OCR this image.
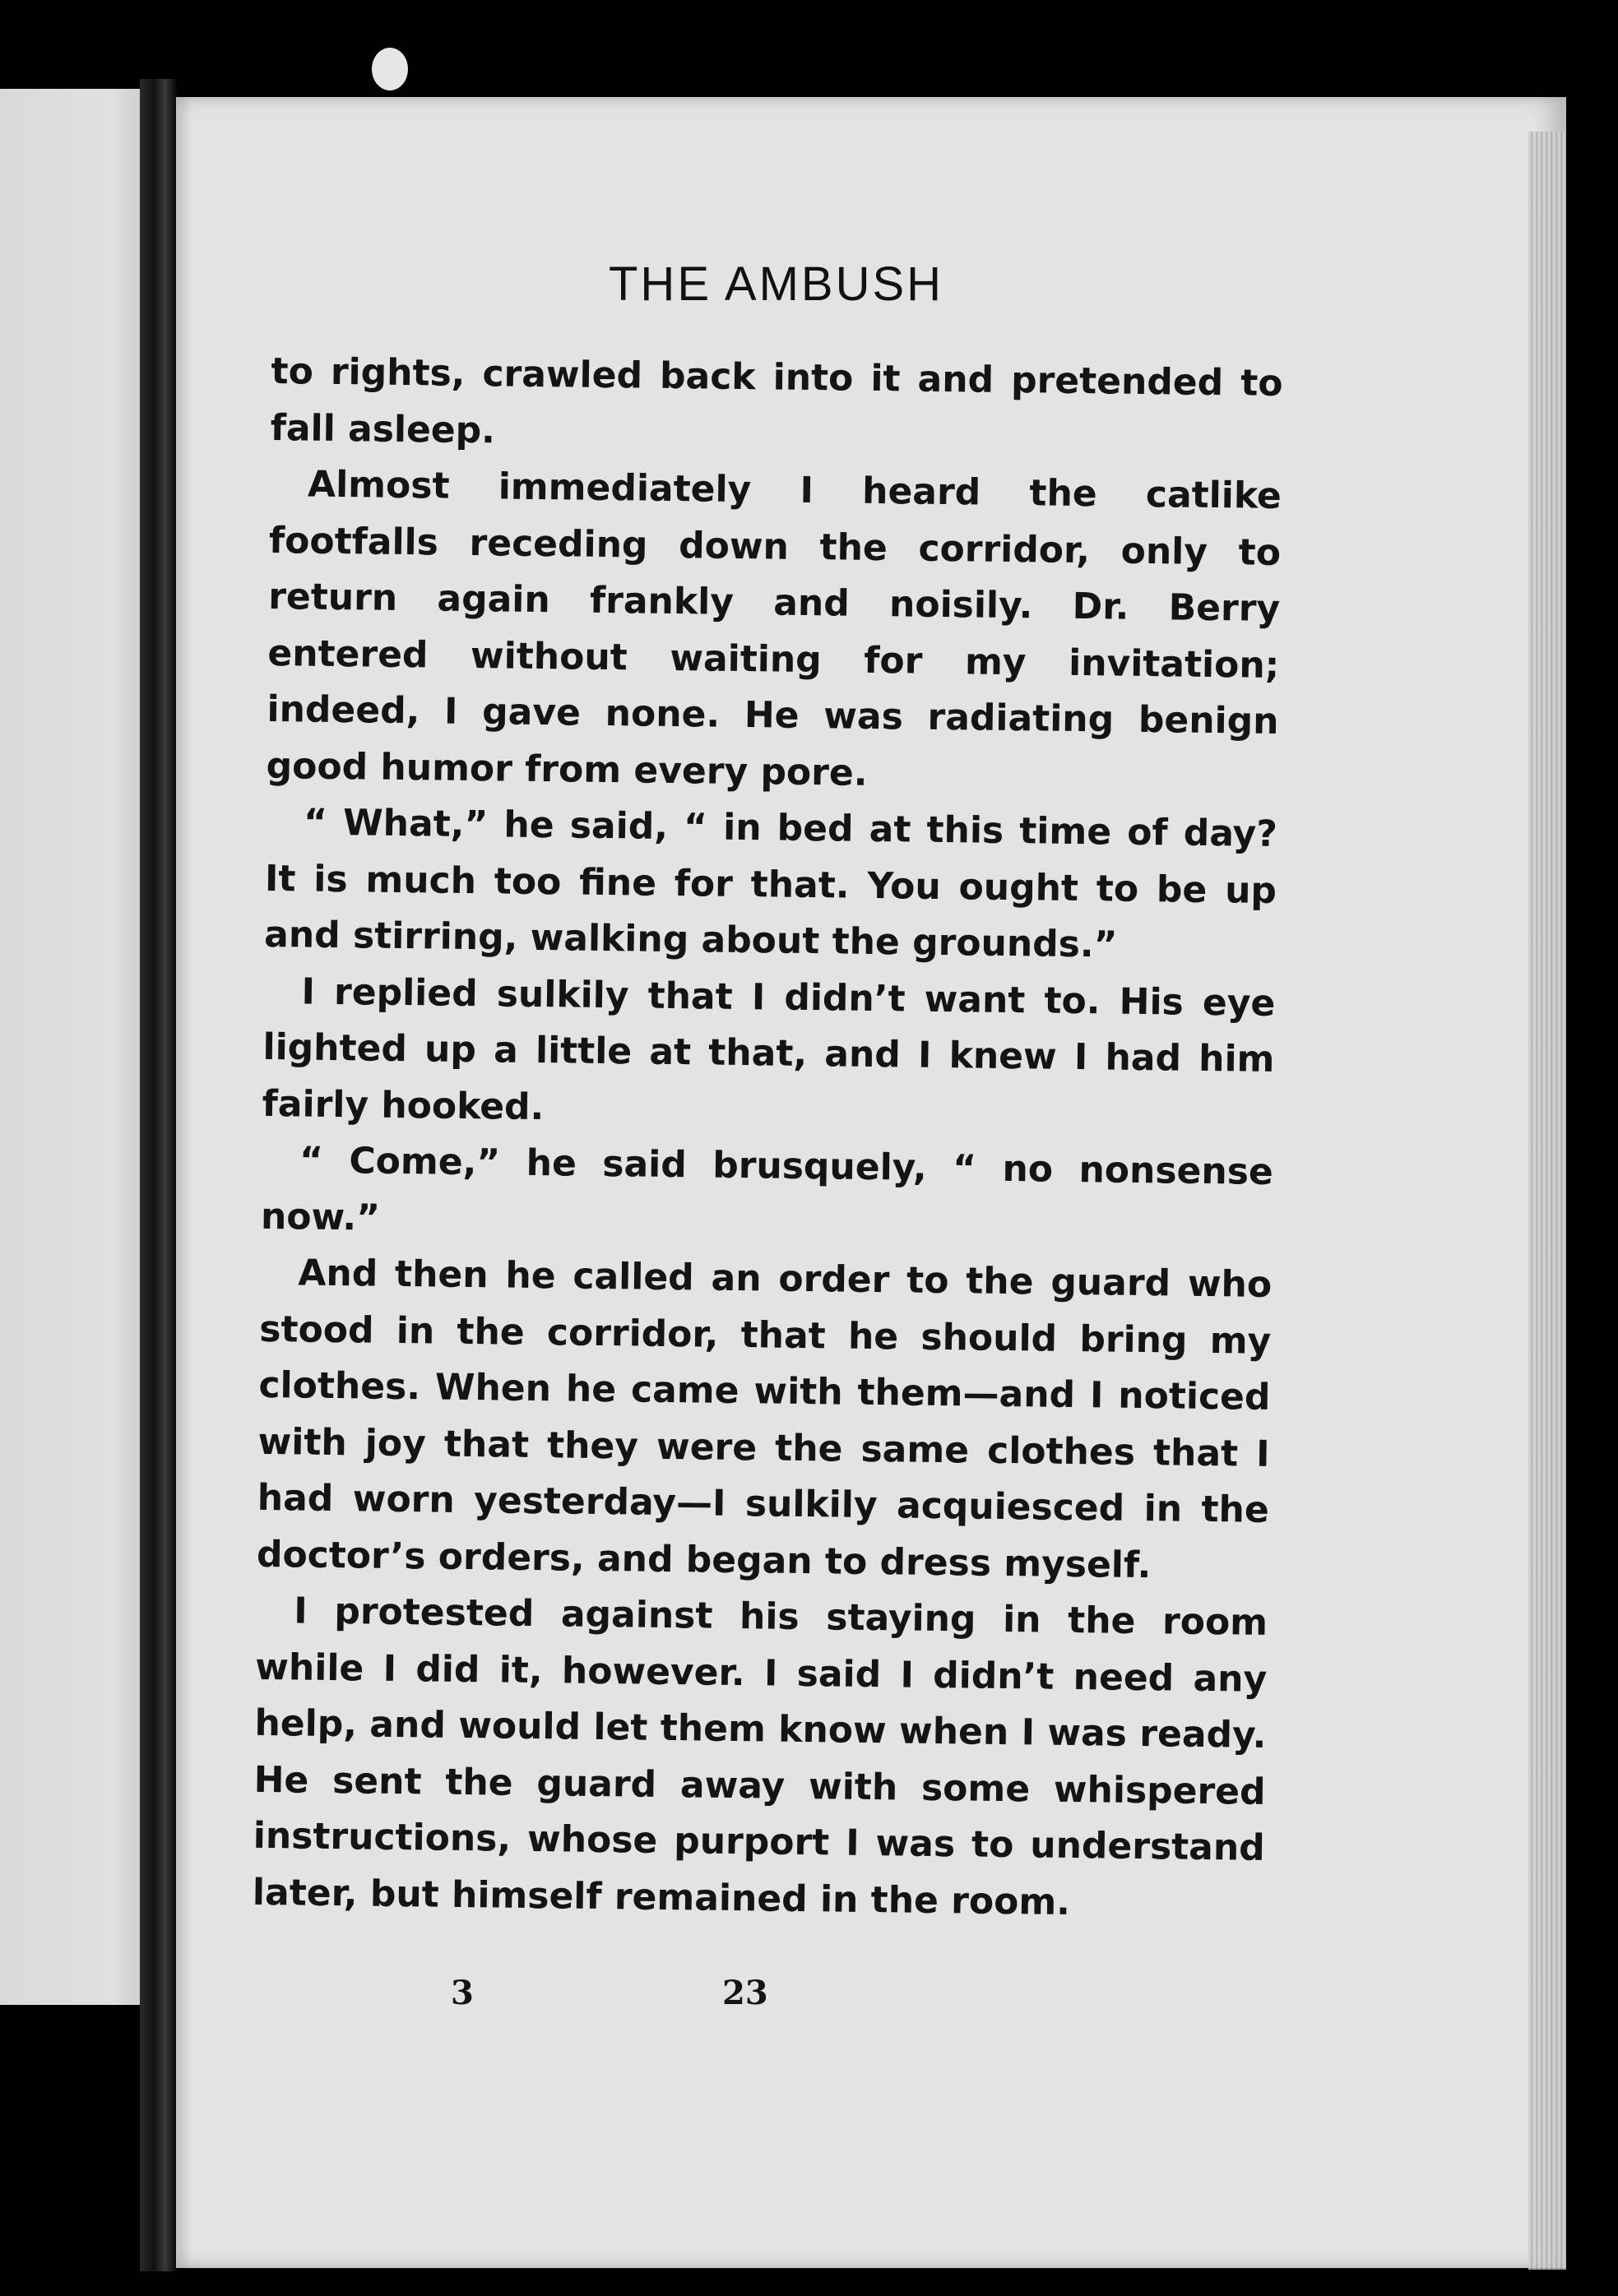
THE AMBUSH

to rights, crawled back into it and pretended to fall asleep.

Almost immediately I heard the catlike footfalls receding down the corridor, only to return again frankly and noisily. Dr. Berry entered without waiting for my invitation; indeed, I gave none. He was radiating benign good humor from every pore.

“ What,” he said, “ in bed at this time of day? It is much too fine for that. You ought to be up and stirring, walking about the grounds.”

I replied sulkily that I didn’t want to. His eye lighted up a little at that, and I knew I had him fairly hooked.

“ Come,” he said brusquely, “ no nonsense now.”

And then he called an order to the guard who stood in the corridor, that he should bring my clothes. When he came with them—and I noticed with joy that they were the same clothes that I had worn yesterday—I sulkily acquiesced in the doctor’s orders, and began to dress myself.

I protested against his staying in the room while I did it, however. I said I didn’t need any help, and would let them know when I was ready. He sent the guard away with some whispered instructions, whose purport I was to understand later, but himself remained in the room.

3	23
